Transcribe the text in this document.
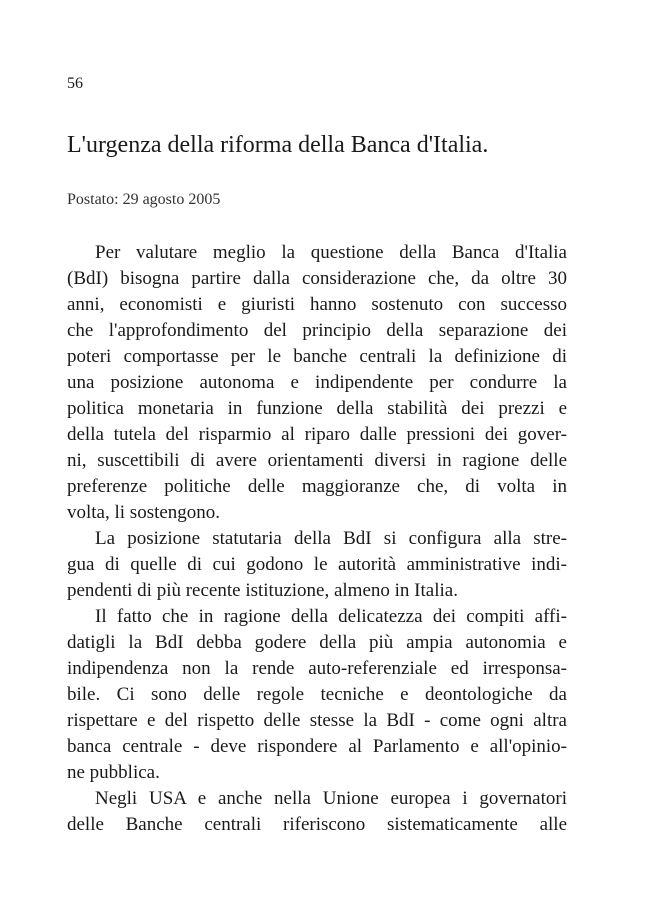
56
L'urgenza della riforma della Banca d'Italia.
Postato: 29 agosto 2005
Per valutare meglio la questione della Banca d'Italia
(BdI) bisogna partire dalla considerazione che, da oltre 30
anni, economisti e giuristi hanno sostenuto con successo
che l'approfondimento del principio della separazione dei
poteri comportasse per le banche centrali la definizione di
una posizione autonoma e indipendente per condurre la
politica monetaria in funzione della stabilità dei prezzi e
della tutela del risparmio al riparo dalle pressioni dei gover-
ni, suscettibili di avere orientamenti diversi in ragione delle
preferenze politiche delle maggioranze che, di volta in
volta, li sostengono.
La posizione statutaria della BdI si configura alla stre-
gua di quelle di cui godono le autorità amministrative indi-
pendenti di più recente istituzione, almeno in Italia.
Il fatto che in ragione della delicatezza dei compiti affi-
datigli la BdI debba godere della più ampia autonomia e
indipendenza non la rende auto-referenziale ed irresponsa-
bile. Ci sono delle regole tecniche e deontologiche da
rispettare e del rispetto delle stesse la BdI - come ogni altra
banca centrale - deve rispondere al Parlamento e all'opinio-
ne pubblica.
Negli USA e anche nella Unione europea i governatori
delle Banche centrali riferiscono sistematicamente alle
